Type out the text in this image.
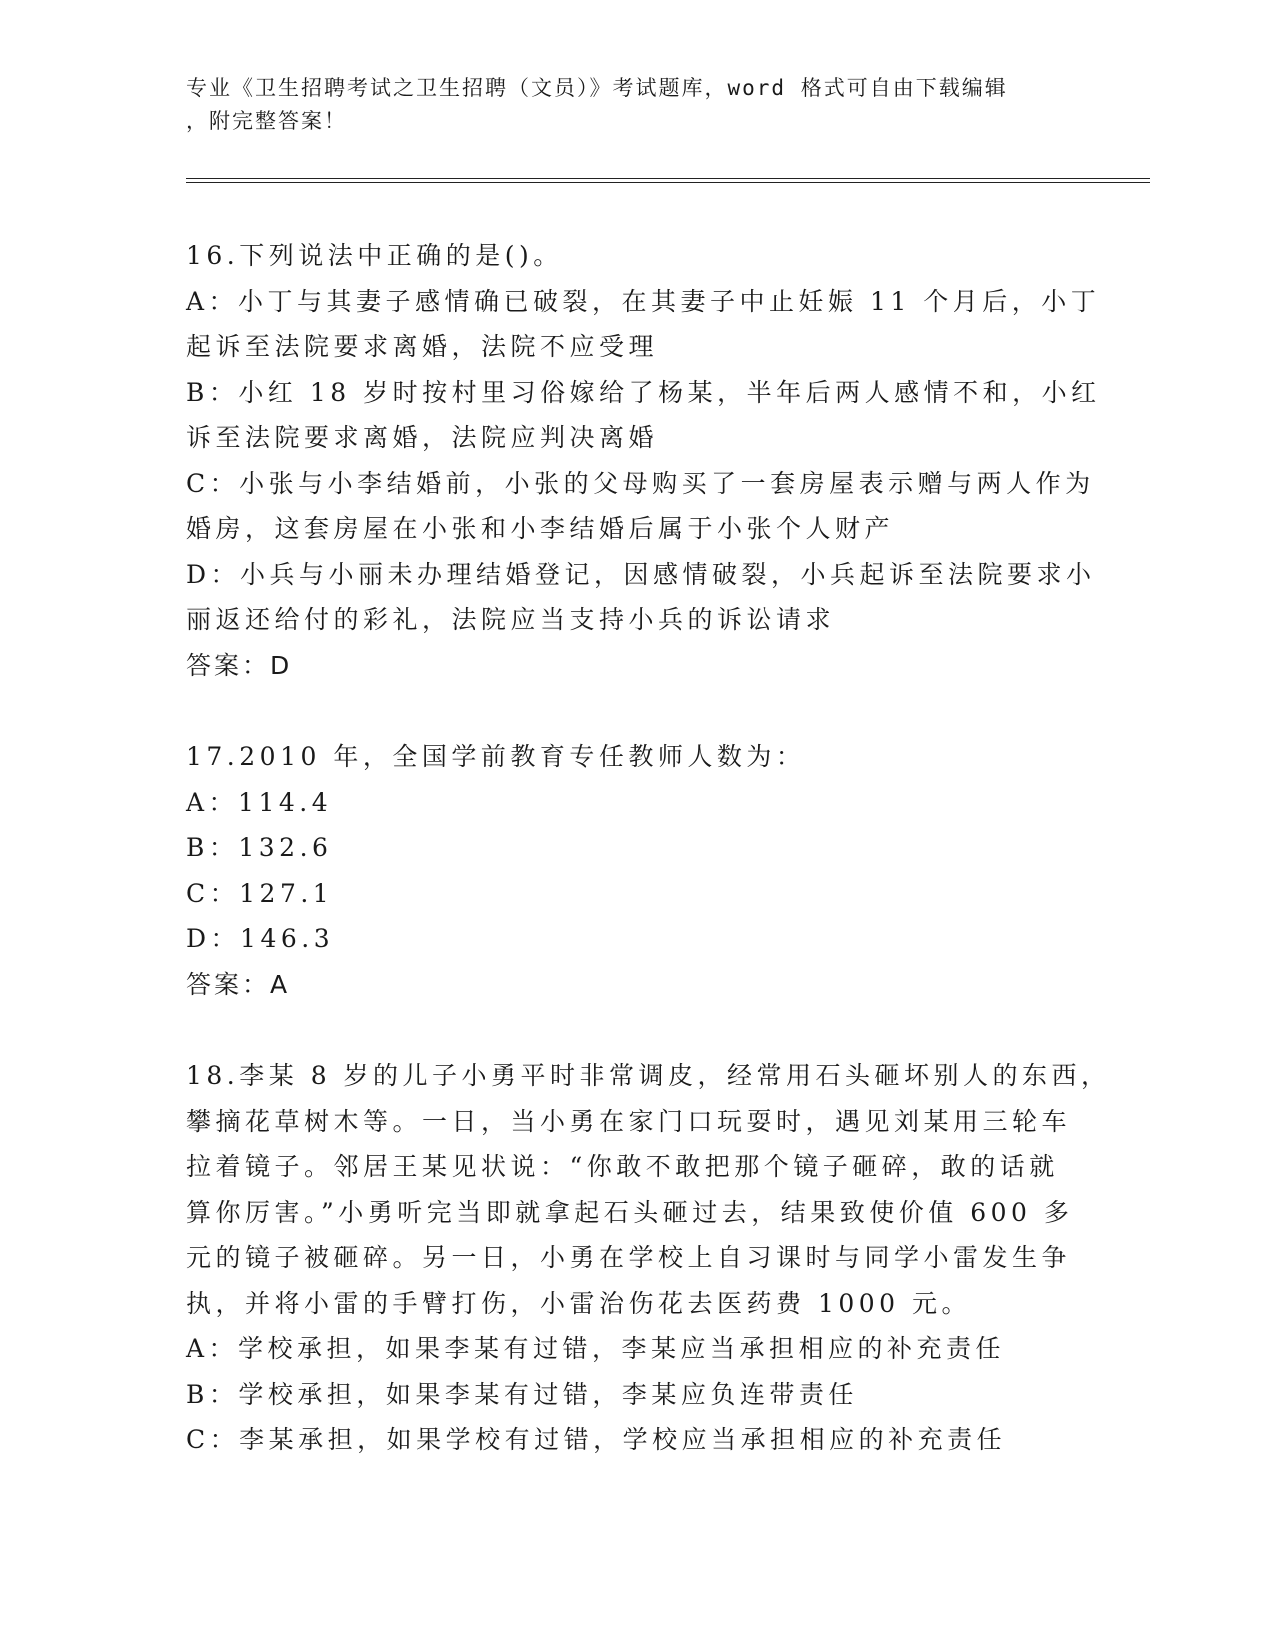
专业《卫生招聘考试之卫生招聘（文员）》考试题库，word 格式可自由下载编辑
，附完整答案！
16.下列说法中正确的是()。
A：小丁与其妻子感情确已破裂，在其妻子中止妊娠 11 个月后，小丁
起诉至法院要求离婚，法院不应受理
B：小红 18 岁时按村里习俗嫁给了杨某，半年后两人感情不和，小红
诉至法院要求离婚，法院应判决离婚
C：小张与小李结婚前，小张的父母购买了一套房屋表示赠与两人作为
婚房，这套房屋在小张和小李结婚后属于小张个人财产
D：小兵与小丽未办理结婚登记，因感情破裂，小兵起诉至法院要求小
丽返还给付的彩礼，法院应当支持小兵的诉讼请求
答案：D
17.2010 年，全国学前教育专任教师人数为：
A：114.4
B：132.6
C：127.1
D：146.3
答案：A
18.李某 8 岁的儿子小勇平时非常调皮，经常用石头砸坏别人的东西，
攀摘花草树木等。一日，当小勇在家门口玩耍时，遇见刘某用三轮车
拉着镜子。邻居王某见状说：“你敢不敢把那个镜子砸碎，敢的话就
算你厉害。”小勇听完当即就拿起石头砸过去，结果致使价值 600 多
元的镜子被砸碎。另一日，小勇在学校上自习课时与同学小雷发生争
执，并将小雷的手臂打伤，小雷治伤花去医药费 1000 元。
A：学校承担，如果李某有过错，李某应当承担相应的补充责任
B：学校承担，如果李某有过错，李某应负连带责任
C：李某承担，如果学校有过错，学校应当承担相应的补充责任
